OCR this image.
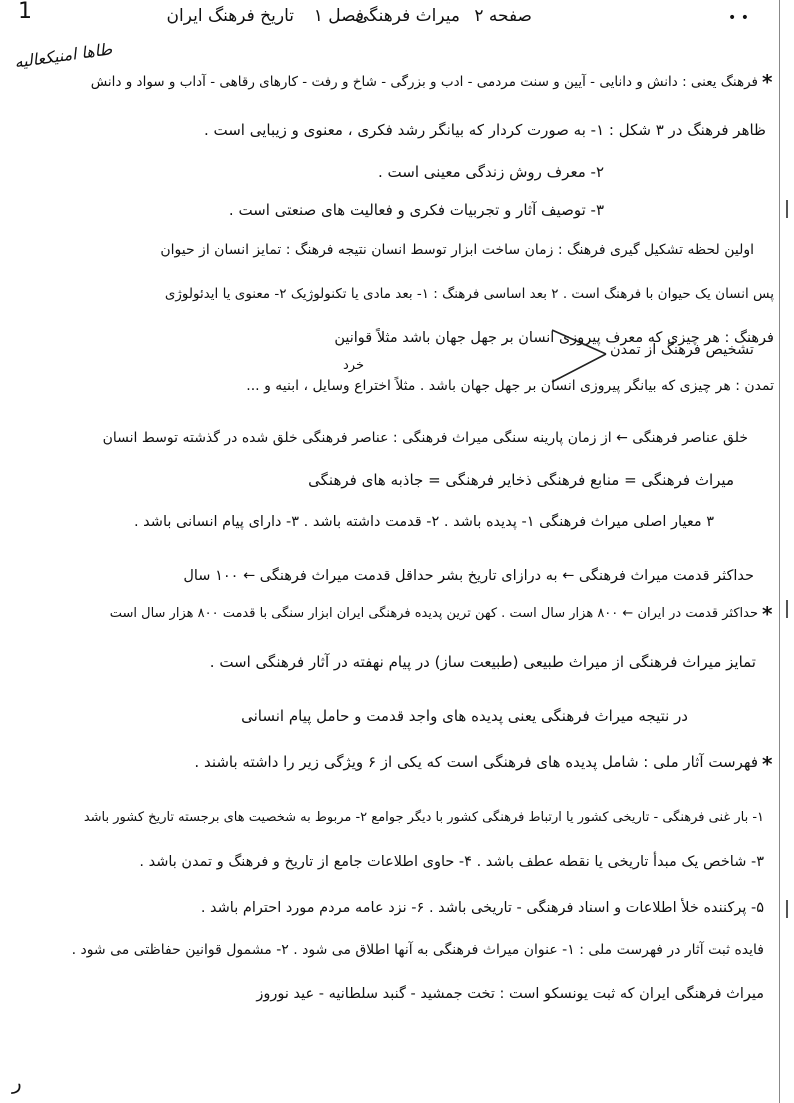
1	• •
صفحه ۲
میراث فرهنگی
فصل ۱
تاریخ فرهنگ ایران
طاها امنیکعالیه
*
فرهنگ یعنی : دانش و دانایی - آیین و سنت مردمی - ادب و بزرگی - شاخ و رفت - کارهای رقاهی - آداب و سواد و دانش
ظاهر فرهنگ در ۳ شکل : ۱- به صورت کردار که بیانگر رشد فکری ، معنوی و زیبایی است .
۲- معرف روش زندگی معینی است .
۳- توصیف آثار و تجربیات فکری و فعالیت های صنعتی است .
اولین لحظه تشکیل گیری فرهنگ : زمان ساخت ابزار توسط انسان نتیجه فرهنگ : تمایز انسان از حیوان
پس انسان یک حیوان با فرهنگ است . ۲ بعد اساسی فرهنگ : ۱- بعد مادی یا تکنولوژیک ۲- معنوی یا ایدئولوژی
فرهنگ : هر چیزی که معرف پیروزی انسان بر جهل جهان باشد مثلاً قوانین
تشخیص فرهنگ از تمدن
خرد
تمدن : هر چیزی که بیانگر پیروزی انسان بر جهل جهان باشد . مثلاً اختراع وسایل ، ابنیه و ...
خلق عناصر فرهنگی ← از زمان پارینه سنگی میراث فرهنگی : عناصر فرهنگی خلق شده در گذشته توسط انسان
میراث فرهنگی = منابع فرهنگی ذخایر فرهنگی = جاذبه های فرهنگی
۳ معیار اصلی میراث فرهنگی ۱- پدیده باشد . ۲- قدمت داشته باشد . ۳- دارای پیام انسانی باشد .
حداکثر قدمت میراث فرهنگی ← به درازای تاریخ بشر حداقل قدمت میراث فرهنگی ← ۱۰۰ سال
*
حداکثر قدمت در ایران ← ۸۰۰ هزار سال است . کهن ترین پدیده فرهنگی ایران ابزار سنگی با قدمت ۸۰۰ هزار سال است
تمایز میراث فرهنگی از میراث طبیعی (طبیعت ساز) در پیام نهفته در آثار فرهنگی است .
در نتیجه میراث فرهنگی یعنی پدیده های واجد قدمت و حامل پیام انسانی
*
فهرست آثار ملی : شامل پدیده های فرهنگی است که یکی از ۶ ویژگی زیر را داشته باشند .
۱- بار غنی فرهنگی - تاریخی کشور یا ارتباط فرهنگی کشور با دیگر جوامع ۲- مربوط به شخصیت های برجسته تاریخ کشور باشد
۳- شاخص یک مبدأ تاریخی یا نقطه عطف باشد . ۴- حاوی اطلاعات جامع از تاریخ و فرهنگ و تمدن باشد .
۵- پرکننده خلأ اطلاعات و اسناد فرهنگی - تاریخی باشد . ۶- نزد عامه مردم مورد احترام باشد .
فایده ثبت آثار در فهرست ملی : ۱- عنوان میراث فرهنگی به آنها اطلاق می شود . ۲- مشمول قوانین حفاظتی می شود .
میراث فرهنگی ایران که ثبت یونسکو است : تخت جمشید - گنبد سلطانیه - عید نوروز
ر
